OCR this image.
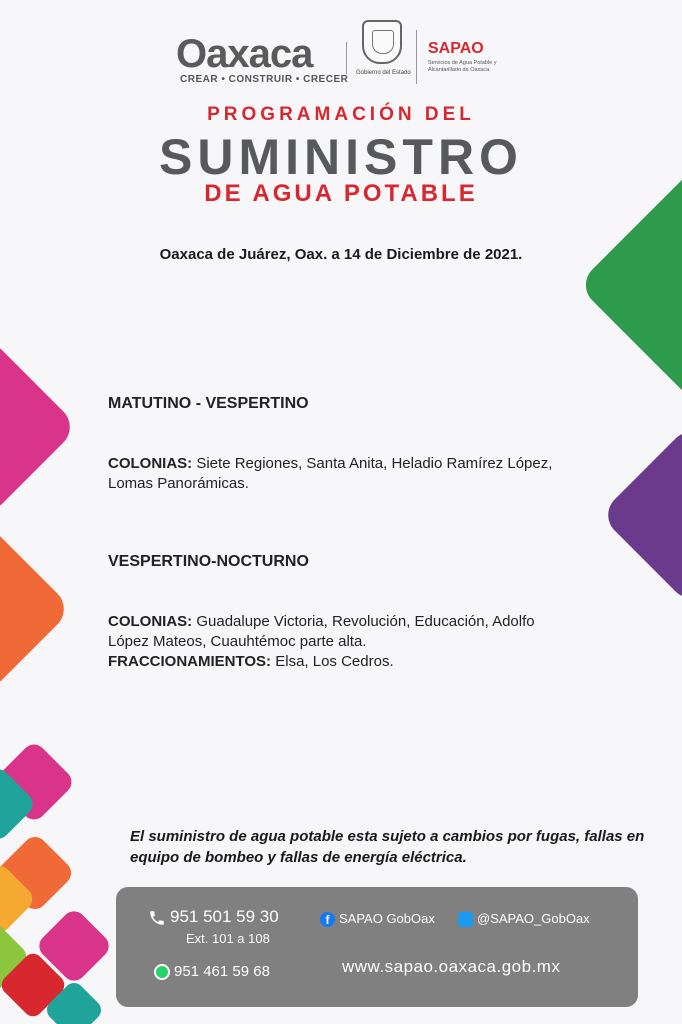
Oaxaca
CREAR • CONSTRUIR • CRECER
Gobierno del Estado
SAPAO
Servicios de Agua Potable y Alcantarillado de Oaxaca
PROGRAMACIÓN DEL
SUMINISTRO
DE AGUA POTABLE
Oaxaca de Juárez, Oax. a 14 de Diciembre de 2021.
MATUTINO - VESPERTINO
COLONIAS: Siete Regiones, Santa Anita, Heladio Ramírez López, Lomas Panorámicas.
VESPERTINO-NOCTURNO
COLONIAS: Guadalupe Victoria, Revolución, Educación, Adolfo López Mateos, Cuauhtémoc parte alta.
FRACCIONAMIENTOS: Elsa, Los Cedros.
El suministro de agua potable esta sujeto a cambios por fugas, fallas en equipo de bombeo y fallas de energía eléctrica.
951 501 59 30
Ext. 101 a 108
951 461 59 68
f SAPAO GobOax	@SAPAO_GobOax
www.sapao.oaxaca.gob.mx
